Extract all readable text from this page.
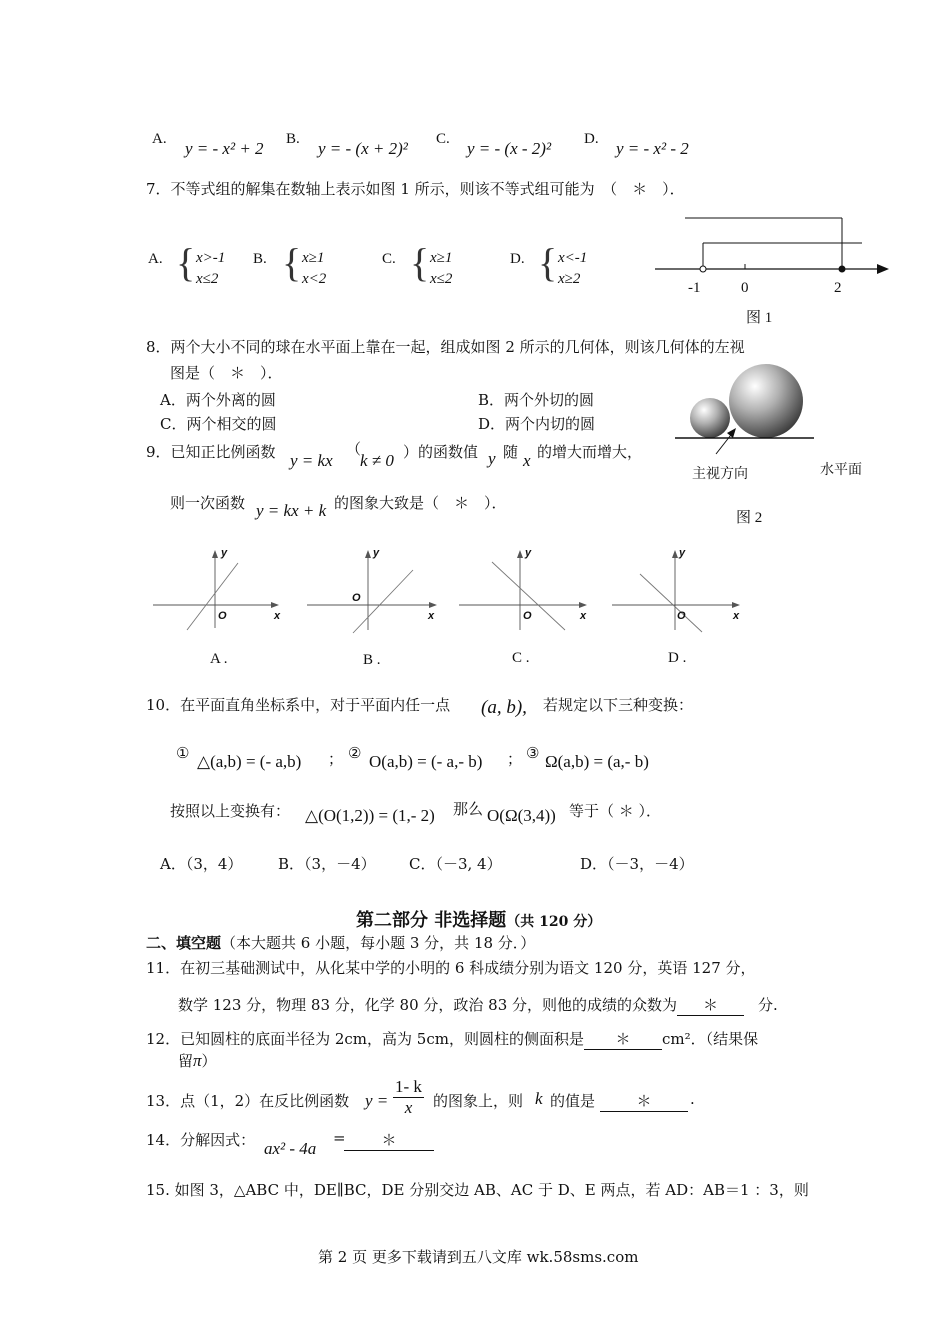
A. y = - x² + 2 B. y = - (x + 2)² C. y = - (x - 2)² D. y = - x² - 2
7．不等式组的解集在数轴上表示如图 1 所示，则该不等式组可能为　（　＊　）．
A. { x>-1
x≤2
B. { x≥1
x<2
C. { x≥1
x≤2
D. { x<-1
x≥2
-1	0	2
图 1
8．两个大小不同的球在水平面上靠在一起，组成如图 2 所示的几何体，则该几何体的左视
图是（　＊　）．
A．两个外离的圆	B．两个外切的圆
C．两个相交的圆	D．两个内切的圆
主视方向	水平面
图 2
9．已知正比例函数 y = kx
（
k ≠ 0 ）的函数值 y 随 x 的增大而增大，
则一次函数 y = kx + k 的图象大致是（　＊　）．
y
x
O
A .
y
x
O
B .
y
x
O
C .
y
x
O
D .
10．在平面直角坐标系中，对于平面内任一点 (a, b), 若规定以下三种变换：
① △(a,b) = (- a,b) ； ② O(a,b) = (- a,- b) ； ③ Ω(a,b) = (a,- b)
按照以上变换有： △(O(1,2)) = (1,- 2) 那么 O(Ω(3,4)) 等于（ ＊ ）．
A．（3，4） B．（3，－4） C．（－3, 4）	D．（－3，－4）
第二部分 非选择题（共 120 分）
二、填空题（本大题共 6 小题，每小题 3 分，共 18 分．）
11．在初三基础测试中，从化某中学的小明的 6 科成绩分别为语文 120 分，英语 127 分，
数学 123 分，物理 83 分，化学 80 分，政治 83 分，则他的成绩的众数为 ＊	分.
12．已知圆柱的底面半径为 2cm，高为 5cm，则圆柱的侧面积是 ＊ cm²．（结果保
留π）
13．点（1，2）在反比例函数 $y = \frac{1- k}{x}$ 的图象上，则 k 的值是	＊	.
14．分解因式： ax² - 4a
=	＊
15. 如图 3，△ABC 中，DE∥BC，DE 分别交边 AB、AC 于 D、E 两点，若 AD：AB＝1 ：3，则
第 2 页 更多下载请到五八文库 wk.58sms.com
